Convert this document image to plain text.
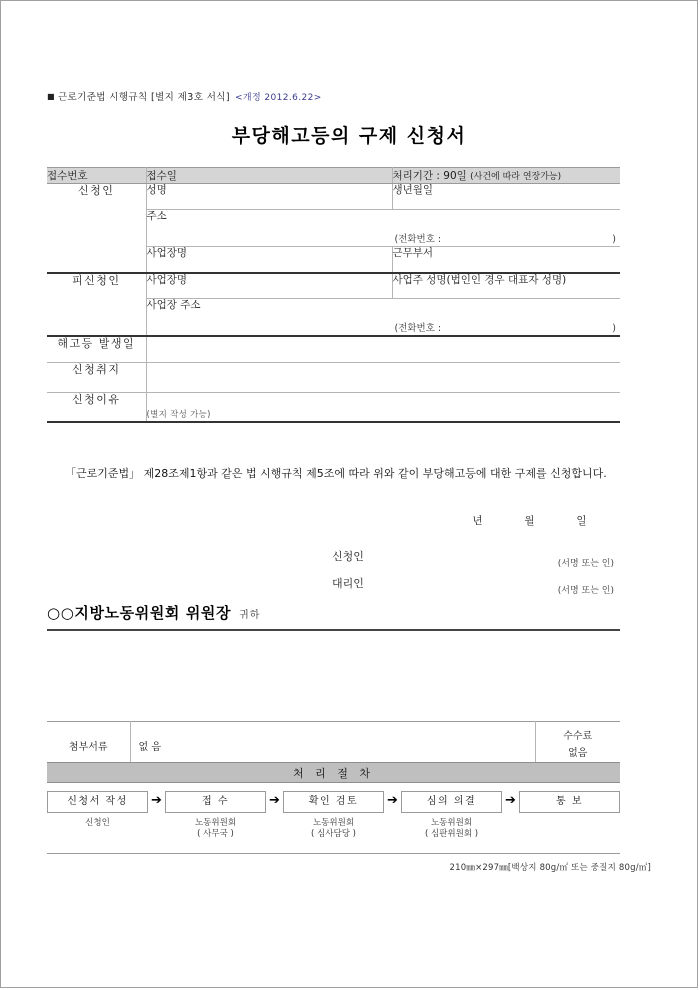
■ 근로기준법 시행규칙 [별지 제3호 서식] <개정 2012.6.22>
부당해고등의 구제 신청서
접수번호	접수일	처리기간 : 90일 (사건에 따라 연장가능)
신청인	성명	생년월일
	주소
(전화번호 : )	

	사업장명	근무부서
피신청인	사업장명	사업주 성명(법인인 경우 대표자 성명)
	사업장 주소
(전화번호 : )	

해고등 발생일		
신청취지		
신청이유	(별지 작성 가능)	
「근로기준법」 제28조제1항과 같은 법 시행규칙 제5조에 따라 위와 같이 부당해고등에 대한 구제를 신청합니다.
년	월	일
신청인
(서명 또는 인)
대리인
(서명 또는 인)
○○지방노동위원회 위원장 귀하
첨부서류	없 음	
수수료
없음
처 리 절 차
신청서 작성
신청인
➔	접 수
노동위원회
( 사무국 )
➔	확인 검토
노동위원회
( 심사담당 )
➔	심의 의결
노동위원회
( 심판위원회 )
➔	통 보
210㎜×297㎜[백상지 80g/㎡ 또는 중질지 80g/㎡]
